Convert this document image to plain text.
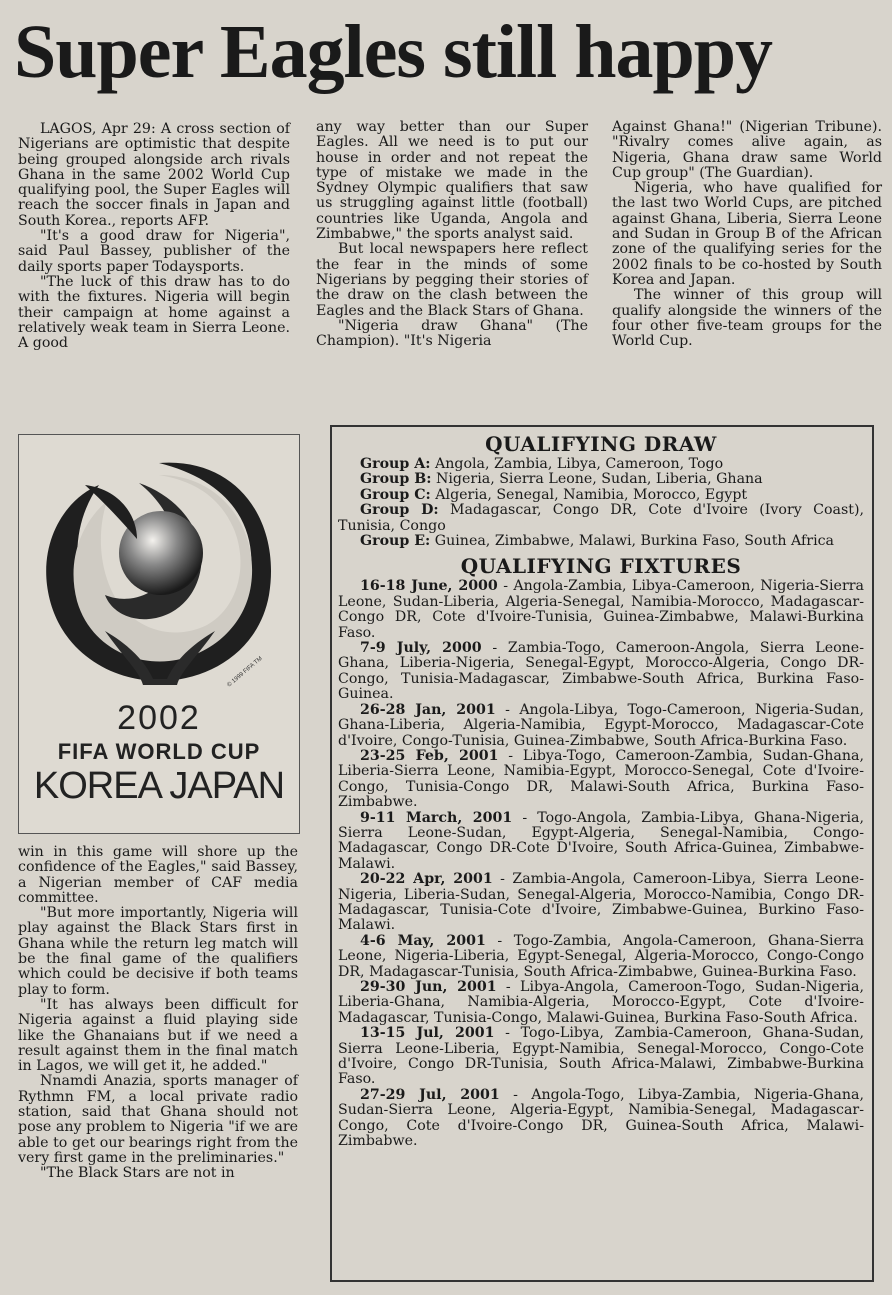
Super Eagles still happy

LAGOS, Apr 29: A cross section of Nigerians are optimistic that despite being grouped alongside arch rivals Ghana in the same 2002 World Cup qualifying pool, the Super Eagles will reach the soccer finals in Japan and South Korea., reports AFP.

"It's a good draw for Nigeria", said Paul Bassey, publisher of the daily sports paper Todaysports.

"The luck of this draw has to do with the fixtures. Nigeria will begin their campaign at home against a relatively weak team in Sierra Leone. A good

any way better than our Super Eagles. All we need is to put our house in order and not repeat the type of mistake we made in the Sydney Olympic qualifiers that saw us struggling against little (football) countries like Uganda, Angola and Zimbabwe," the sports analyst said.

But local newspapers here reflect the fear in the minds of some Nigerians by pegging their stories of the draw on the clash between the Eagles and the Black Stars of Ghana.

"Nigeria draw Ghana" (The Champion). "It's Nigeria

Against Ghana!" (Nigerian Tribune). "Rivalry comes alive again, as Nigeria, Ghana draw same World Cup group" (The Guardian).

Nigeria, who have qualified for the last two World Cups, are pitched against Ghana, Liberia, Sierra Leone and Sudan in Group B of the African zone of the qualifying series for the 2002 finals to be co-hosted by South Korea and Japan.

The winner of this group will qualify alongside the winners of the four other five-team groups for the World Cup.

© 1999 FIFA TM
2002
FIFA WORLD CUP
KOREA JAPAN

win in this game will shore up the confidence of the Eagles," said Bassey, a Nigerian member of CAF media committee.

"But more importantly, Nigeria will play against the Black Stars first in Ghana while the return leg match will be the final game of the qualifiers which could be decisive if both teams play to form.

"It has always been difficult for Nigeria against a fluid playing side like the Ghanaians but if we need a result against them in the final match in Lagos, we will get it, he added."

Nnamdi Anazia, sports manager of Rythmn FM, a local private radio station, said that Ghana should not pose any problem to Nigeria "if we are able to get our bearings right from the very first game in the preliminaries."

"The Black Stars are not in

QUALIFYING DRAW

Group A: Angola, Zambia, Libya, Cameroon, Togo

Group B: Nigeria, Sierra Leone, Sudan, Liberia, Ghana

Group C: Algeria, Senegal, Namibia, Morocco, Egypt

Group D: Madagascar, Congo DR, Cote d'Ivoire (Ivory Coast), Tunisia, Congo

Group E: Guinea, Zimbabwe, Malawi, Burkina Faso, South Africa

QUALIFYING FIXTURES

16-18 June, 2000 - Angola-Zambia, Libya-Cameroon, Nigeria-Sierra Leone, Sudan-Liberia, Algeria-Senegal, Namibia-Morocco, Madagascar-Congo DR, Cote d'Ivoire-Tunisia, Guinea-Zimbabwe, Malawi-Burkina Faso.

7-9 July, 2000 - Zambia-Togo, Cameroon-Angola, Sierra Leone-Ghana, Liberia-Nigeria, Senegal-Egypt, Morocco-Algeria, Congo DR-Congo, Tunisia-Madagascar, Zimbabwe-South Africa, Burkina Faso-Guinea.

26-28 Jan, 2001 - Angola-Libya, Togo-Cameroon, Nigeria-Sudan, Ghana-Liberia, Algeria-Namibia, Egypt-Morocco, Madagascar-Cote d'Ivoire, Congo-Tunisia, Guinea-Zimbabwe, South Africa-Burkina Faso.

23-25 Feb, 2001 - Libya-Togo, Cameroon-Zambia, Sudan-Ghana, Liberia-Sierra Leone, Namibia-Egypt, Morocco-Senegal, Cote d'Ivoire-Congo, Tunisia-Congo DR, Malawi-South Africa, Burkina Faso-Zimbabwe.

9-11 March, 2001 - Togo-Angola, Zambia-Libya, Ghana-Nigeria, Sierra Leone-Sudan, Egypt-Algeria, Senegal-Namibia, Congo-Madagascar, Congo DR-Cote D'Ivoire, South Africa-Guinea, Zimbabwe-Malawi.

20-22 Apr, 2001 - Zambia-Angola, Cameroon-Libya, Sierra Leone-Nigeria, Liberia-Sudan, Senegal-Algeria, Morocco-Namibia, Congo DR-Madagascar, Tunisia-Cote d'Ivoire, Zimbabwe-Guinea, Burkino Faso-Malawi.

4-6 May, 2001 - Togo-Zambia, Angola-Cameroon, Ghana-Sierra Leone, Nigeria-Liberia, Egypt-Senegal, Algeria-Morocco, Congo-Congo DR, Madagascar-Tunisia, South Africa-Zimbabwe, Guinea-Burkina Faso.

29-30 Jun, 2001 - Libya-Angola, Cameroon-Togo, Sudan-Nigeria, Liberia-Ghana, Namibia-Algeria, Morocco-Egypt, Cote d'Ivoire-Madagascar, Tunisia-Congo, Malawi-Guinea, Burkina Faso-South Africa.

13-15 Jul, 2001 - Togo-Libya, Zambia-Cameroon, Ghana-Sudan, Sierra Leone-Liberia, Egypt-Namibia, Senegal-Morocco, Congo-Cote d'Ivoire, Congo DR-Tunisia, South Africa-Malawi, Zimbabwe-Burkina Faso.

27-29 Jul, 2001 - Angola-Togo, Libya-Zambia, Nigeria-Ghana, Sudan-Sierra Leone, Algeria-Egypt, Namibia-Senegal, Madagascar-Congo, Cote d'Ivoire-Congo DR, Guinea-South Africa, Malawi-Zimbabwe.
